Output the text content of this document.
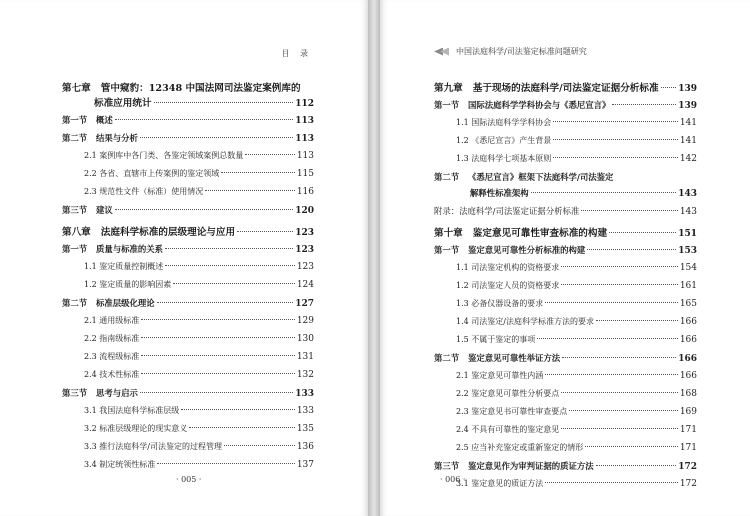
目 录
第七章 管中窥豹：12348 中国法网司法鉴定案例库的
标准应用统计	112
第一节 概述	113
第二节 结果与分析	113
2.1 案例库中各门类、各鉴定领域案例总数量	113
2.2 各省、直辖市上传案例的鉴定领域	115
2.3 规范性文件（标准）使用情况	116
第三节 建议	120
第八章 法庭科学标准的层级理论与应用	123
第一节 质量与标准的关系	123
1.1 鉴定质量控制概述	123
1.2 鉴定质量的影响因素	124
第二节 标准层级化理论	127
2.1 通用级标准	129
2.2 指南级标准	130
2.3 流程级标准	131
2.4 技术性标准	132
第三节 思考与启示	133
3.1 我国法庭科学标准层级	133
3.2 标准层级理论的现实意义	135
3.3 推行法庭科学/司法鉴定的过程管理	136
3.4 制定统领性标准	137
· 005 ·
中国法庭科学/司法鉴定标准问题研究
第九章 基于现场的法庭科学/司法鉴定证据分析标准 139
第一节 国际法庭科学学科协会与《悉尼宣言》	139
1.1 国际法庭科学学科协会	141
1.2 《悉尼宣言》产生背景	141
1.3 法庭科学七项基本原则	142
第二节 《悉尼宣言》框架下法庭科学/司法鉴定
解释性标准架构	143
附录：法庭科学/司法鉴定证据分析标准	143
第十章 鉴定意见可靠性审查标准的构建	151
第一节 鉴定意见可靠性分析标准的构建	153
1.1 司法鉴定机构的资格要求	154
1.2 司法鉴定人员的资格要求	161
1.3 必备仪器设备的要求	165
1.4 司法鉴定/法庭科学标准方法的要求	166
1.5 不属于鉴定的事项	166
第二节 鉴定意见可靠性举证方法	166
2.1 鉴定意见可靠性内涵	166
2.2 鉴定意见可靠性分析要点	168
2.3 鉴定意见书可靠性审查要点	169
2.4 不具有可靠性的鉴定意见	171
2.5 应当补充鉴定或重新鉴定的情形	171
第三节 鉴定意见作为审判证据的质证方法	172
3.1 鉴定意见的质证方法	172
· 006 ·
